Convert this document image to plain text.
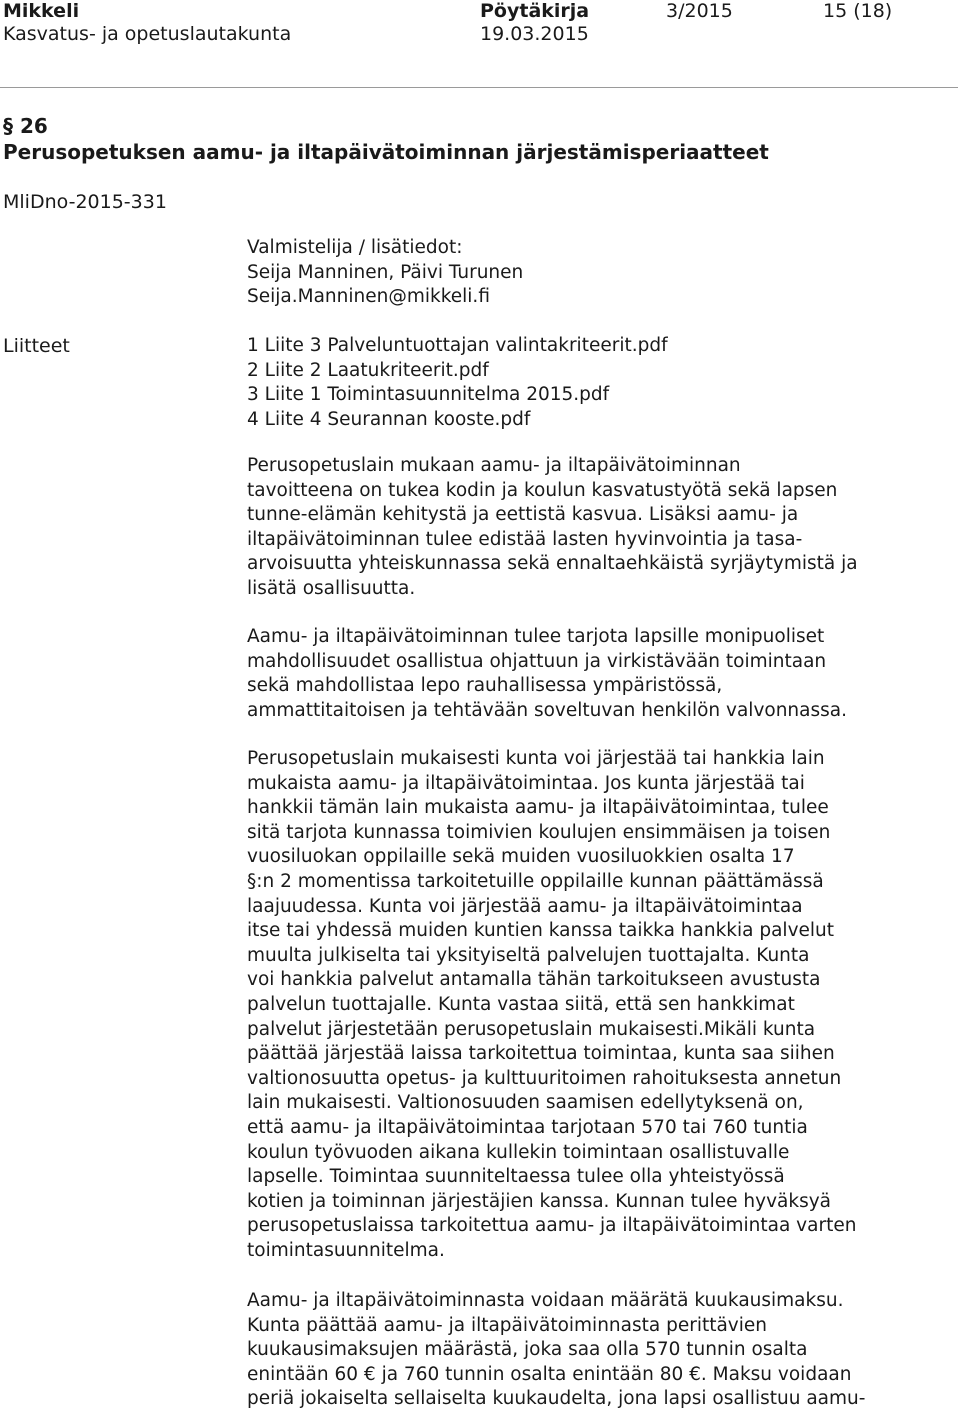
Mikkeli
Kasvatus- ja opetuslautakunta
Pöytäkirja
19.03.2015
3/2015	15 (18)
§ 26
Perusopetuksen aamu- ja iltapäivätoiminnan järjestämisperiaatteet
MliDno-2015-331
Valmistelija / lisätiedot:
Seija Manninen, Päivi Turunen
Seija.Manninen@mikkeli.fi
Liitteet	1 Liite 3 Palveluntuottajan valintakriteerit.pdf
2 Liite 2 Laatukriteerit.pdf
3 Liite 1 Toimintasuunnitelma 2015.pdf
4 Liite 4 Seurannan kooste.pdf
Perusopetuslain mukaan aamu- ja iltapäivätoiminnan
tavoitteena on tukea kodin ja koulun kasvatustyötä sekä lapsen
tunne-elämän kehitystä ja eettistä kasvua. Lisäksi aamu- ja
iltapäivätoiminnan tulee edistää lasten hyvinvointia ja tasa-
arvoisuutta yhteiskunnassa sekä ennaltaehkäistä syrjäytymistä ja
lisätä osallisuutta.
Aamu- ja iltapäivätoiminnan tulee tarjota lapsille monipuoliset
mahdollisuudet osallistua ohjattuun ja virkistävään toimintaan
sekä mahdollistaa lepo rauhallisessa ympäristössä,
ammattitaitoisen ja tehtävään soveltuvan henkilön valvonnassa.
Perusopetuslain mukaisesti kunta voi järjestää tai hankkia lain
mukaista aamu- ja iltapäivätoimintaa. Jos kunta järjestää tai
hankkii tämän lain mukaista aamu- ja iltapäivätoimintaa, tulee
sitä tarjota kunnassa toimivien koulujen ensimmäisen ja toisen
vuosiluokan oppilaille sekä muiden vuosiluokkien osalta 17
§:n 2 momentissa tarkoitetuille oppilaille kunnan päättämässä
laajuudessa. Kunta voi järjestää aamu- ja iltapäivätoimintaa
itse tai yhdessä muiden kuntien kanssa taikka hankkia palvelut
muulta julkiselta tai yksityiseltä palvelujen tuottajalta. Kunta
voi hankkia palvelut antamalla tähän tarkoitukseen avustusta
palvelun tuottajalle. Kunta vastaa siitä, että sen hankkimat
palvelut järjestetään perusopetuslain mukaisesti.Mikäli kunta
päättää järjestää laissa tarkoitettua toimintaa, kunta saa siihen
valtionosuutta opetus- ja kulttuuritoimen rahoituksesta annetun
lain mukaisesti. Valtionosuuden saamisen edellytyksenä on,
että aamu- ja iltapäivätoimintaa tarjotaan 570 tai 760 tuntia
koulun työvuoden aikana kullekin toimintaan osallistuvalle
lapselle. Toimintaa suunniteltaessa tulee olla yhteistyössä
kotien ja toiminnan järjestäjien kanssa. Kunnan tulee hyväksyä
perusopetuslaissa tarkoitettua aamu- ja iltapäivätoimintaa varten
toimintasuunnitelma.
Aamu- ja iltapäivätoiminnasta voidaan määrätä kuukausimaksu.
Kunta päättää aamu- ja iltapäivätoiminnasta perittävien
kuukausimaksujen määrästä, joka saa olla 570 tunnin osalta
enintään 60 € ja 760 tunnin osalta enintään 80 €. Maksu voidaan
periä jokaiselta sellaiselta kuukaudelta, jona lapsi osallistuu aamu-
